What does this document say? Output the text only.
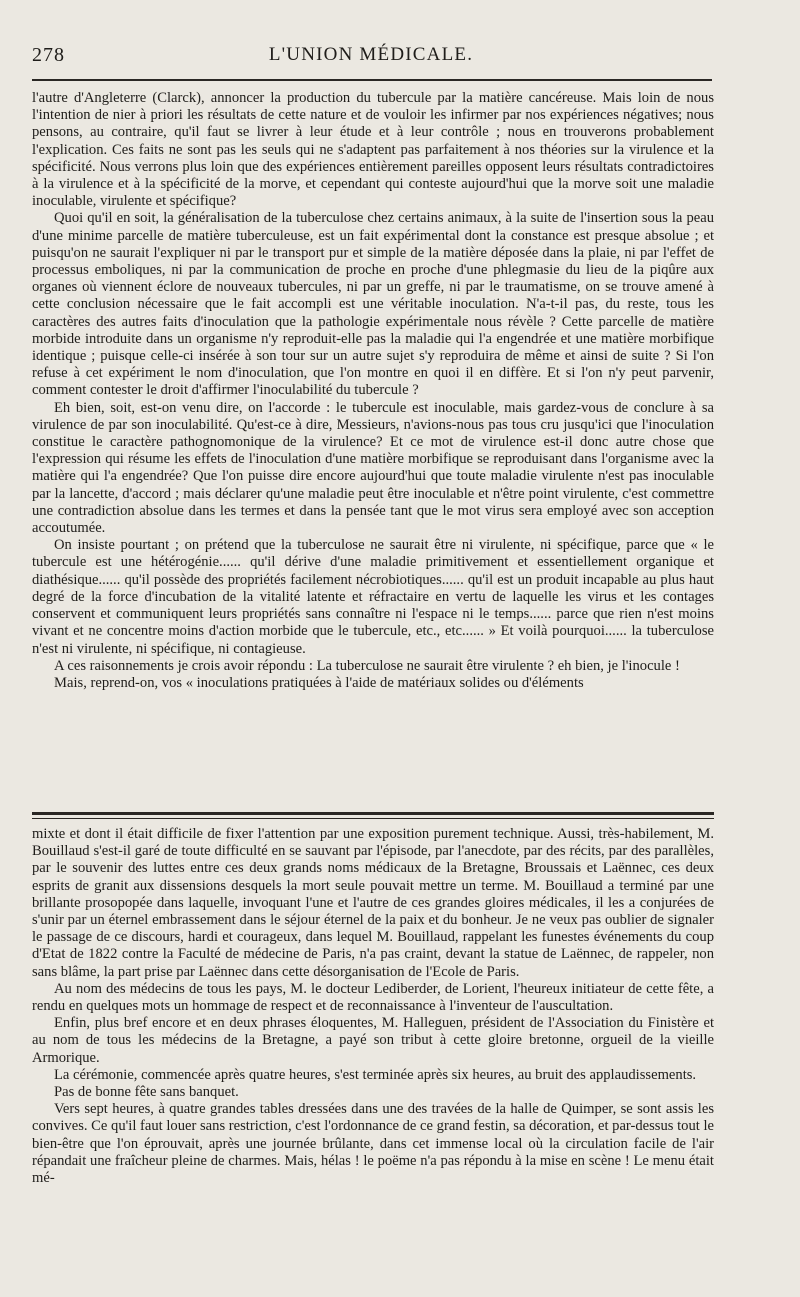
278	L'UNION MÉDICALE.

l'autre d'Angleterre (Clarck), annoncer la production du tubercule par la matière cancéreuse. Mais loin de nous l'intention de nier à priori les résultats de cette nature et de vouloir les infirmer par nos expériences négatives; nous pensons, au contraire, qu'il faut se livrer à leur étude et à leur contrôle ; nous en trouverons probablement l'explication. Ces faits ne sont pas les seuls qui ne s'adaptent pas parfaitement à nos théories sur la virulence et la spécificité. Nous verrons plus loin que des expériences entièrement pareilles opposent leurs résultats contradictoires à la virulence et à la spécificité de la morve, et cependant qui conteste aujourd'hui que la morve soit une maladie inoculable, virulente et spécifique?

Quoi qu'il en soit, la généralisation de la tuberculose chez certains animaux, à la suite de l'insertion sous la peau d'une minime parcelle de matière tuberculeuse, est un fait expérimental dont la constance est presque absolue ; et puisqu'on ne saurait l'expliquer ni par le transport pur et simple de la matière déposée dans la plaie, ni par l'effet de processus emboliques, ni par la communication de proche en proche d'une phlegmasie du lieu de la piqûre aux organes où viennent éclore de nouveaux tubercules, ni par un greffe, ni par le traumatisme, on se trouve amené à cette conclusion nécessaire que le fait accompli est une véritable inoculation. N'a-t-il pas, du reste, tous les caractères des autres faits d'inoculation que la pathologie expérimentale nous révèle ? Cette parcelle de matière morbide introduite dans un organisme n'y reproduit-elle pas la maladie qui l'a engendrée et une matière morbifique identique ; puisque celle-ci insérée à son tour sur un autre sujet s'y reproduira de même et ainsi de suite ? Si l'on refuse à cet expériment le nom d'inoculation, que l'on montre en quoi il en diffère. Et si l'on n'y peut parvenir, comment contester le droit d'affirmer l'inoculabilité du tubercule ?

Eh bien, soit, est-on venu dire, on l'accorde : le tubercule est inoculable, mais gardez-vous de conclure à sa virulence de par son inoculabilité. Qu'est-ce à dire, Messieurs, n'avions-nous pas tous cru jusqu'ici que l'inoculation constitue le caractère pathognomonique de la virulence? Et ce mot de virulence est-il donc autre chose que l'expression qui résume les effets de l'inoculation d'une matière morbifique se reproduisant dans l'organisme avec la matière qui l'a engendrée? Que l'on puisse dire encore aujourd'hui que toute maladie virulente n'est pas inoculable par la lancette, d'accord ; mais déclarer qu'une maladie peut être inoculable et n'être point virulente, c'est commettre une contradiction absolue dans les termes et dans la pensée tant que le mot virus sera employé avec son acception accoutumée.

On insiste pourtant ; on prétend que la tuberculose ne saurait être ni virulente, ni spécifique, parce que « le tubercule est une hétérogénie...... qu'il dérive d'une maladie primitivement et essentiellement organique et diathésique...... qu'il possède des propriétés facilement nécrobiotiques...... qu'il est un produit incapable au plus haut degré de la force d'incubation de la vitalité latente et réfractaire en vertu de laquelle les virus et les contages conservent et communiquent leurs propriétés sans connaître ni l'espace ni le temps...... parce que rien n'est moins vivant et ne concentre moins d'action morbide que le tubercule, etc., etc...... » Et voilà pourquoi...... la tuberculose n'est ni virulente, ni spécifique, ni contagieuse.

A ces raisonnements je crois avoir répondu : La tuberculose ne saurait être virulente ? eh bien, je l'inocule !

Mais, reprend-on, vos « inoculations pratiquées à l'aide de matériaux solides ou d'éléments

mixte et dont il était difficile de fixer l'attention par une exposition purement technique. Aussi, très-habilement, M. Bouillaud s'est-il garé de toute difficulté en se sauvant par l'épisode, par l'anecdote, par des récits, par des parallèles, par le souvenir des luttes entre ces deux grands noms médicaux de la Bretagne, Broussais et Laënnec, ces deux esprits de granit aux dissensions desquels la mort seule pouvait mettre un terme. M. Bouillaud a terminé par une brillante prosopopée dans laquelle, invoquant l'une et l'autre de ces grandes gloires médicales, il les a conjurées de s'unir par un éternel embrassement dans le séjour éternel de la paix et du bonheur. Je ne veux pas oublier de signaler le passage de ce discours, hardi et courageux, dans lequel M. Bouillaud, rappelant les funestes événements du coup d'Etat de 1822 contre la Faculté de médecine de Paris, n'a pas craint, devant la statue de Laënnec, de rappeler, non sans blâme, la part prise par Laënnec dans cette désorganisation de l'Ecole de Paris.

Au nom des médecins de tous les pays, M. le docteur Lediberder, de Lorient, l'heureux initiateur de cette fête, a rendu en quelques mots un hommage de respect et de reconnaissance à l'inventeur de l'auscultation.

Enfin, plus bref encore et en deux phrases éloquentes, M. Halleguen, président de l'Association du Finistère et au nom de tous les médecins de la Bretagne, a payé son tribut à cette gloire bretonne, orgueil de la vieille Armorique.

La cérémonie, commencée après quatre heures, s'est terminée après six heures, au bruit des applaudissements.

Pas de bonne fête sans banquet.

Vers sept heures, à quatre grandes tables dressées dans une des travées de la halle de Quimper, se sont assis les convives. Ce qu'il faut louer sans restriction, c'est l'ordonnance de ce grand festin, sa décoration, et par-dessus tout le bien-être que l'on éprouvait, après une journée brûlante, dans cet immense local où la circulation facile de l'air répandait une fraîcheur pleine de charmes. Mais, hélas ! le poëme n'a pas répondu à la mise en scène ! Le menu était mé-
